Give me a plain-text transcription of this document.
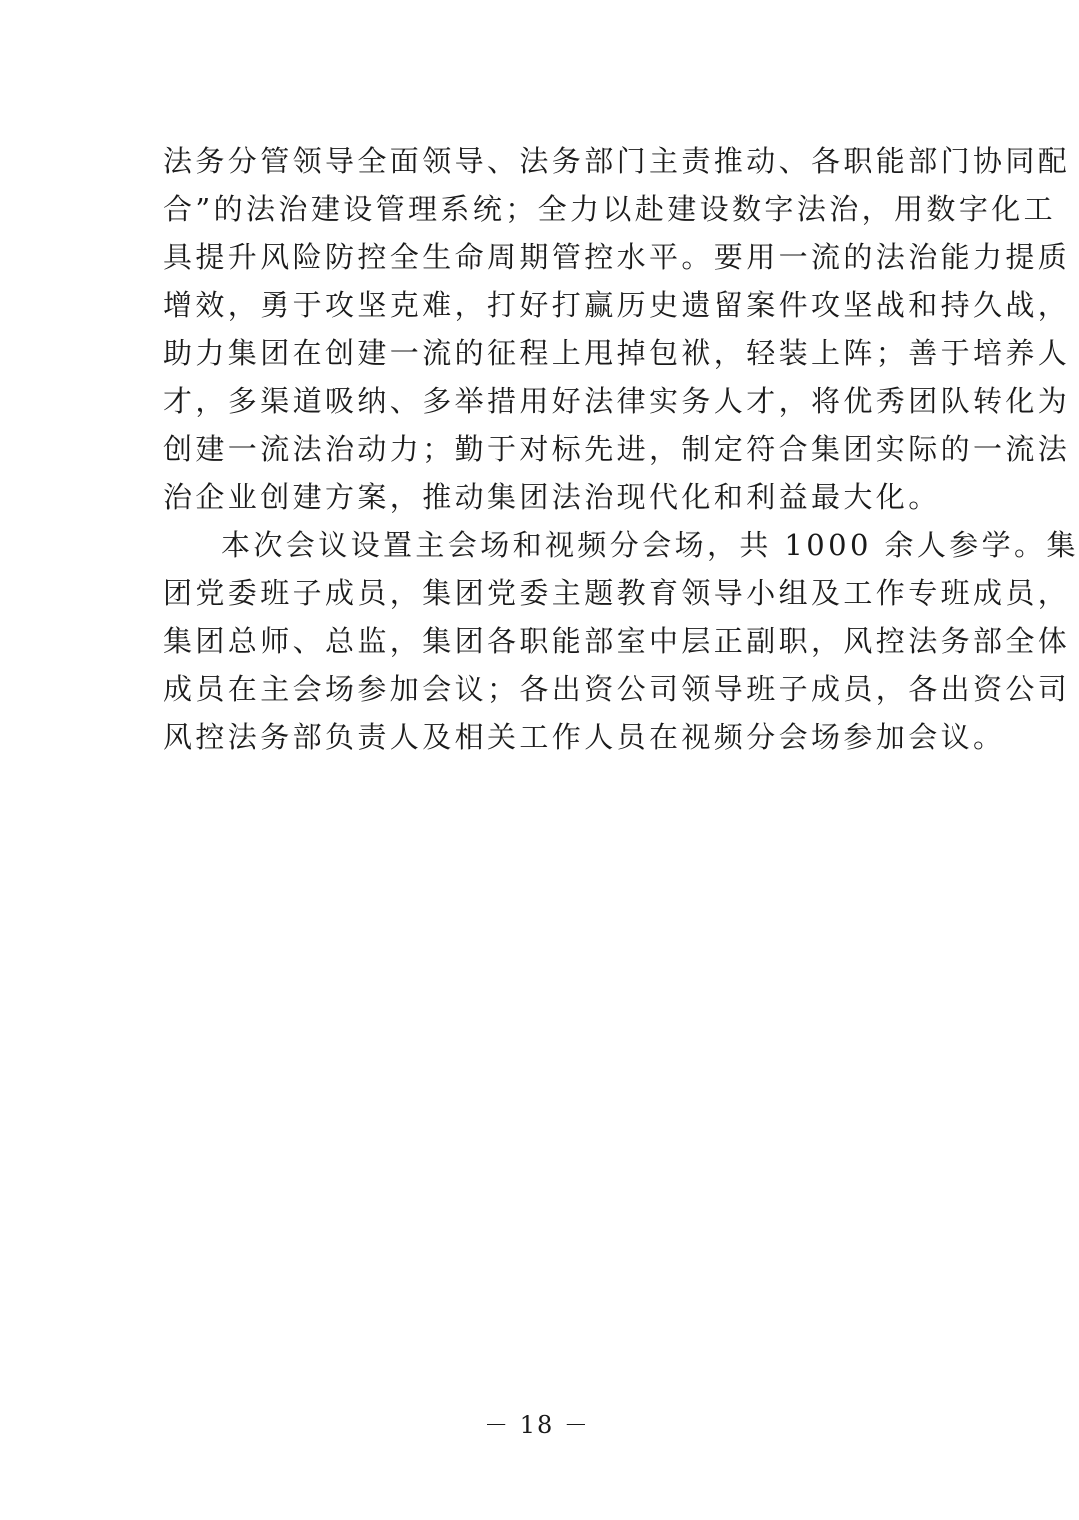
法务分管领导全面领导、法务部门主责推动、各职能部门协同配
合”的法治建设管理系统；全力以赴建设数字法治，用数字化工
具提升风险防控全生命周期管控水平。要用一流的法治能力提质
增效，勇于攻坚克难，打好打赢历史遗留案件攻坚战和持久战，
助力集团在创建一流的征程上甩掉包袱，轻装上阵；善于培养人
才，多渠道吸纳、多举措用好法律实务人才，将优秀团队转化为
创建一流法治动力；勤于对标先进，制定符合集团实际的一流法
治企业创建方案，推动集团法治现代化和利益最大化。
本次会议设置主会场和视频分会场，共 1000 余人参学。集
团党委班子成员，集团党委主题教育领导小组及工作专班成员，
集团总师、总监，集团各职能部室中层正副职，风控法务部全体
成员在主会场参加会议；各出资公司领导班子成员，各出资公司
风控法务部负责人及相关工作人员在视频分会场参加会议。
－ 18 －
